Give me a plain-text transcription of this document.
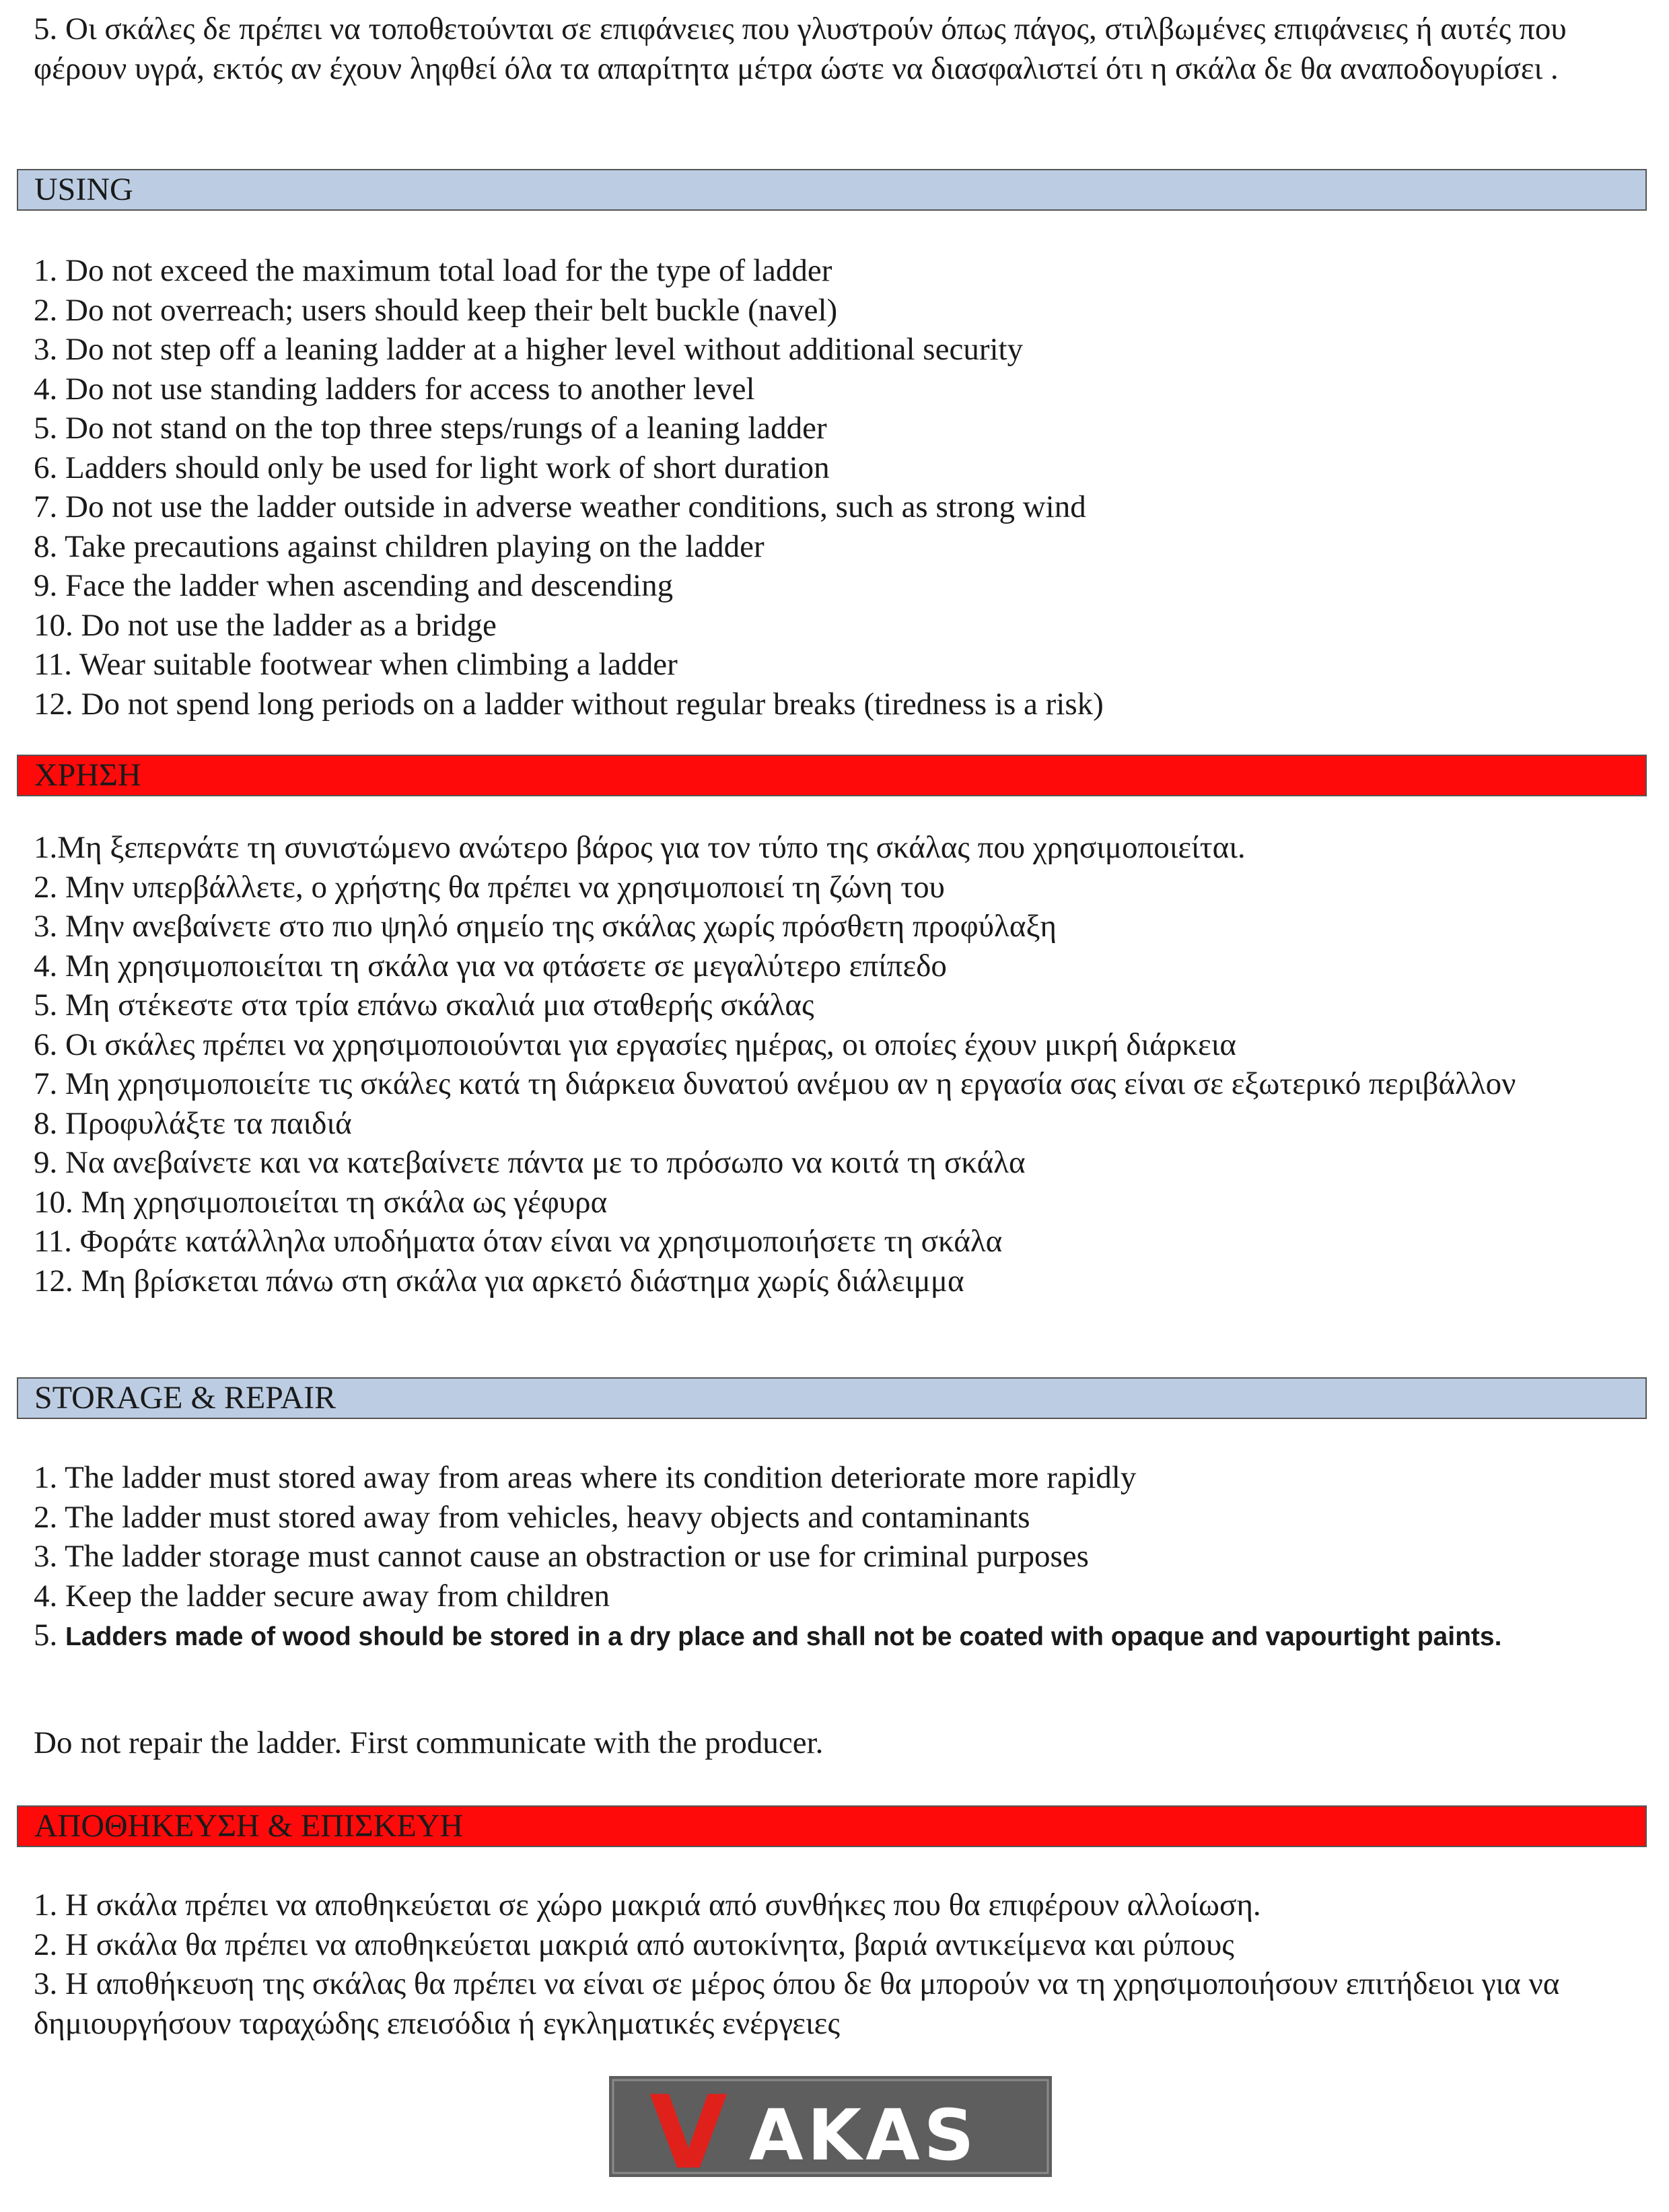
5. Οι σκάλες δε πρέπει να τοποθετούνται σε επιφάνειες που γλυστρούν όπως πάγος, στιλβωμένες επιφάνειες ή αυτές που φέρουν υγρά, εκτός αν έχουν ληφθεί όλα τα απαρίτητα μέτρα ώστε να διασφαλιστεί ότι η σκάλα δε θα αναποδογυρίσει .

USING
1. Do not exceed the maximum total load for the type of ladder
2. Do not overreach; users should keep their belt buckle (navel)
3. Do not step off a leaning ladder at a higher level without additional security
4. Do not use standing ladders for access to another level
5. Do not stand on the top three steps/rungs of a leaning ladder
6. Ladders should only be used for light work of short duration
7. Do not use the ladder outside in adverse weather conditions, such as strong wind
8. Take precautions against children playing on the ladder
9. Face the ladder when ascending and descending
10. Do not use the ladder as a bridge
11. Wear suitable footwear when climbing a ladder
12. Do not spend long periods on a ladder without regular breaks (tiredness is a risk)
ΧΡΗΣΗ
1.Μη ξεπερνάτε τη συνιστώμενο ανώτερο βάρος για τον τύπο της σκάλας που χρησιμοποιείται.
2. Μην υπερβάλλετε, ο χρήστης θα πρέπει να χρησιμοποιεί τη ζώνη του
3. Μην ανεβαίνετε στο πιο ψηλό σημείο της σκάλας χωρίς πρόσθετη προφύλαξη
4. Μη χρησιμοποιείται τη σκάλα για να φτάσετε σε μεγαλύτερο επίπεδο
5. Μη στέκεστε στα τρία επάνω σκαλιά μια σταθερής σκάλας
6. Οι σκάλες πρέπει να χρησιμοποιούνται για εργασίες ημέρας, οι οποίες έχουν μικρή διάρκεια
7. Μη χρησιμοποιείτε τις σκάλες κατά τη διάρκεια δυνατού ανέμου αν η εργασία σας είναι σε εξωτερικό περιβάλλον
8. Προφυλάξτε τα παιδιά
9. Να ανεβαίνετε και να κατεβαίνετε πάντα με το πρόσωπο να κοιτά τη σκάλα
10. Μη χρησιμοποιείται τη σκάλα ως γέφυρα
11. Φοράτε κατάλληλα υποδήματα όταν είναι να χρησιμοποιήσετε τη σκάλα
12. Μη βρίσκεται πάνω στη σκάλα για αρκετό διάστημα χωρίς διάλειμμα
STORAGE & REPAIR
1. The ladder must stored away from areas where its condition deteriorate more rapidly
2. The ladder must stored away from vehicles, heavy objects and contaminants
3. The ladder storage must cannot cause an obstraction or use for criminal purposes
4. Keep the ladder secure away from children
5. Ladders made of wood should be stored in a dry place and shall not be coated with opaque and vapourtight paints.

Do not repair the ladder. First communicate with the producer.

ΑΠΟΘΗΚΕΥΣΗ & ΕΠΙΣΚΕΥΗ
1. Η σκάλα πρέπει να αποθηκεύεται σε χώρο μακριά από συνθήκες που θα επιφέρουν αλλοίωση.
2. Η σκάλα θα πρέπει να αποθηκεύεται μακριά από αυτοκίνητα, βαριά αντικείμενα και ρύπους
3. Η αποθήκευση της σκάλας θα πρέπει να είναι σε μέρος όπου δε θα μπορούν να τη χρησιμοποιήσουν επιτήδειοι για να δημιουργήσουν ταραχώδης επεισόδια ή εγκληματικές ενέργειες
V AKAS
